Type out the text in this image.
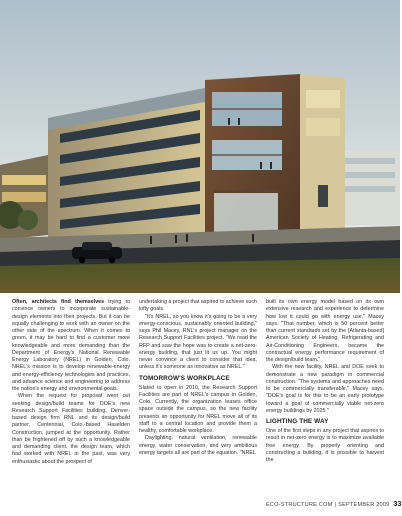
Often, architects find themselves trying to convince owners to incorporate sustainable-design elements into their projects. But it can be equally challenging to work with an owner on the other side of the spectrum. When it comes to green, it may be hard to find a customer more knowledgeable and more demanding than the Department of Energy's National Renewable Energy Laboratory (NREL) in Golden, Colo. NREL's mission is to develop renewable-energy and energy-efficiency technologies and practices, and advance science and engineering to address the nation's energy and environmental goals.

When the request for proposal went out seeking design/build teams for DOE's new Research Support Facilities building, Denver-based design firm RNL and its design/build partner, Centennial, Colo.-based Haselden Construction, jumped at the opportunity. Rather than be frightened off by such a knowledgeable and demanding client, the design team, which had worked with NREL in the past, was very enthusiastic about the prospect of

undertaking a project that aspired to achieve such lofty goals.

"It's NREL, so you know it's going to be a very energy-conscious, sustainably oriented building," says Phil Macey, RNL's project manager on the Research Support Facilities project. "We read the RFP and saw the hope was to create a net-zero-energy building, that just lit us up. You might never convince a client to consider that idea, unless it's someone as innovative as NREL."

TOMORROW'S WORKPLACE

Slated to open in 2010, the Research Support Facilities are part of NREL's campus in Golden, Colo. Currently, the organization leases office space outside the campus, so the new facility presents an opportunity for NREL move all of its staff to a central location and provide them a healthy, comfortable workplace.

Daylighting, natural ventilation, renewable energy, water conservation, and very ambitious energy targets all are part of the equation. "NREL

built its own energy model based on its own extensive research and experience to determine how low it could go with energy use," Macey says. "That number, which is 50 percent better than current standards set by the [Atlanta-based] American Society of Heating, Refrigerating and Air-Conditioning Engineers, became the contractual energy performance requirement of the design/build team."

With the new facility, NREL and DOE seek to demonstrate a new paradigm in commercial construction. "The systems and approaches need to be commercially transferable," Macey says. "DOE's goal is for this to be an early prototype toward a goal of commercially viable net-zero energy buildings by 2025."

LIGHTING THE WAY

One of the first steps in any project that aspires to result in net-zero energy is to maximize available free energy. By properly orienting and constructing a building, it is possible to harvest the

ECO-STRUCTURE.COM | SEPTEMBER 2009 33
